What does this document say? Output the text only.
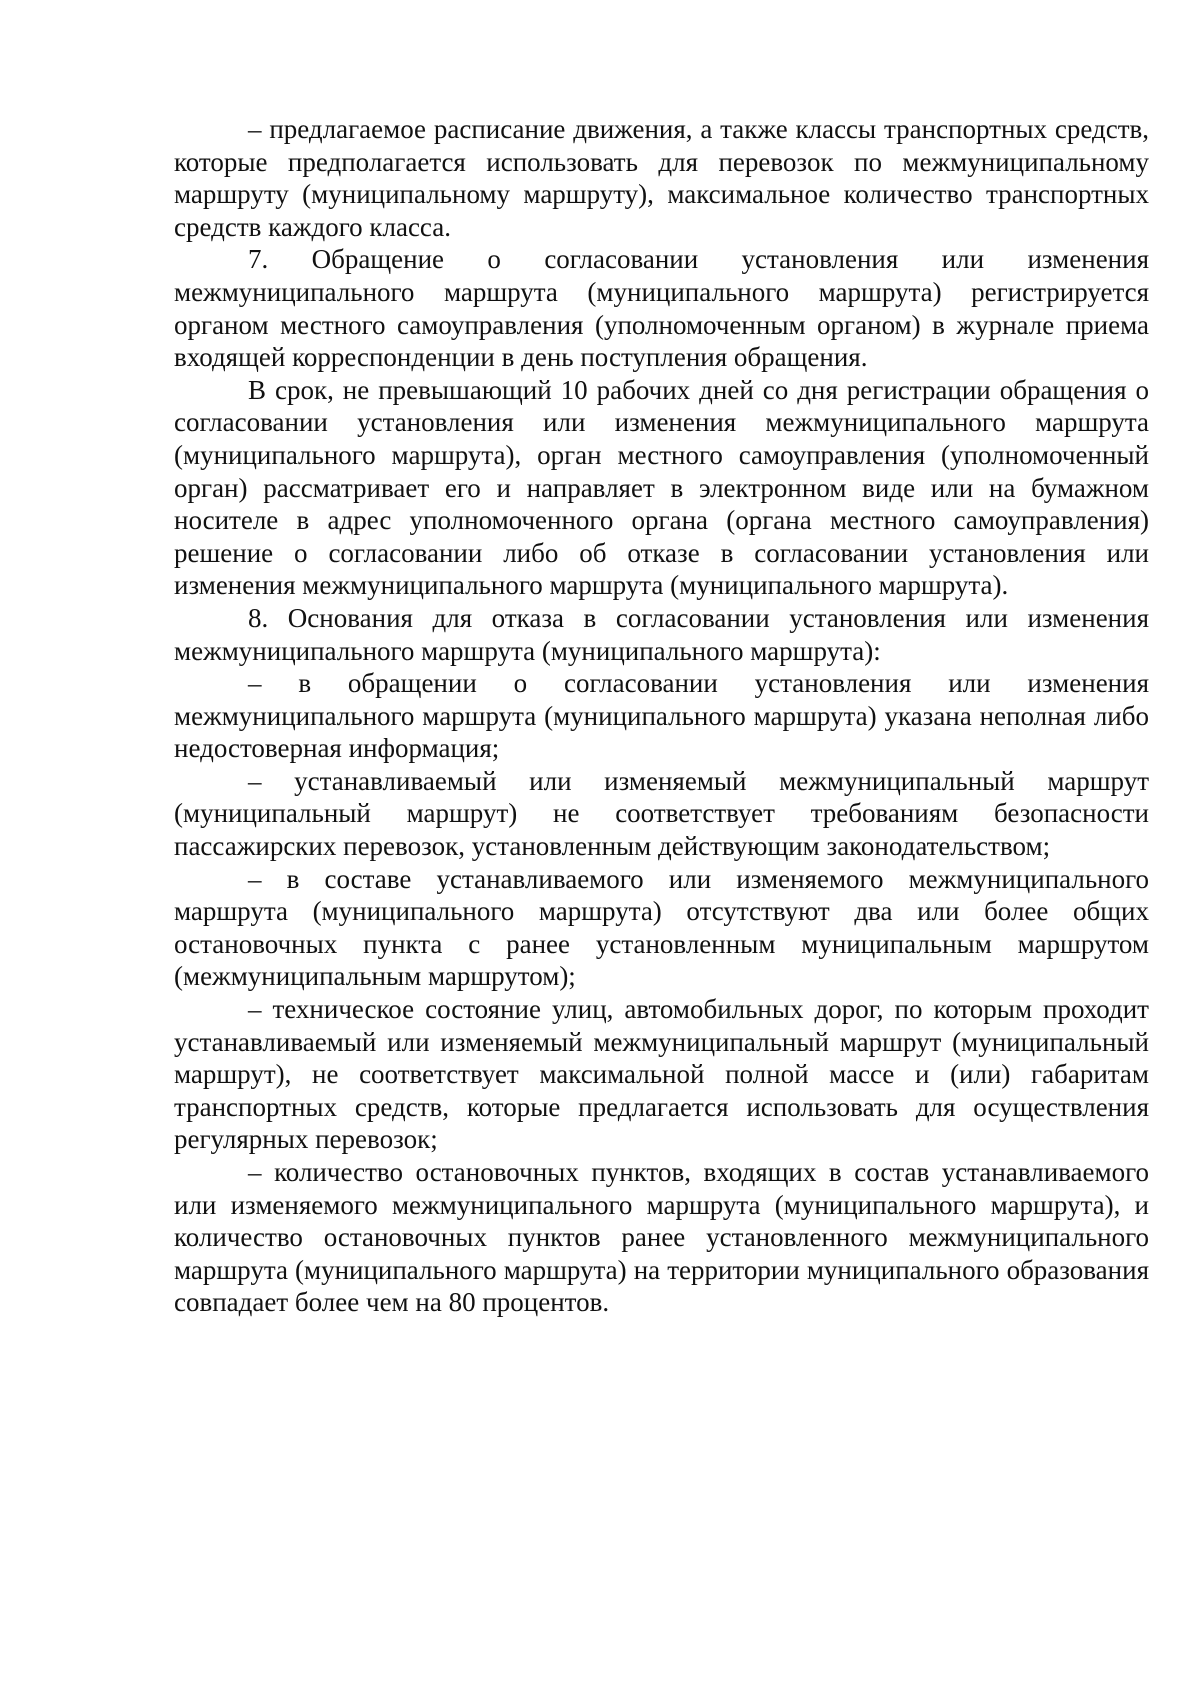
– предлагаемое расписание движения, а также классы транспортных средств, которые предполагается использовать для перевозок по межмуниципальному маршруту (муниципальному маршруту), максимальное количество транспортных средств каждого класса.

7. Обращение о согласовании установления или изменения межмуниципального маршрута (муниципального маршрута) регистрируется органом местного самоуправления (уполномоченным органом) в журнале приема входящей корреспонденции в день поступления обращения.

В срок, не превышающий 10 рабочих дней со дня регистрации обращения о согласовании установления или изменения межмуниципального маршрута (муниципального маршрута), орган местного самоуправления (уполномоченный орган) рассматривает его и направляет в электронном виде или на бумажном носителе в адрес уполномоченного органа (органа местного самоуправления) решение о согласовании либо об отказе в согласовании установления или изменения межмуниципального маршрута (муниципального маршрута).

8. Основания для отказа в согласовании установления или изменения межмуниципального маршрута (муниципального маршрута):

– в обращении о согласовании установления или изменения межмуниципального маршрута (муниципального маршрута) указана неполная либо недостоверная информация;

– устанавливаемый или изменяемый межмуниципальный маршрут (муниципальный маршрут) не соответствует требованиям безопасности пассажирских перевозок, установленным действующим законодательством;

– в составе устанавливаемого или изменяемого межмуниципального маршрута (муниципального маршрута) отсутствуют два или более общих остановочных пункта с ранее установленным муниципальным маршрутом (межмуниципальным маршрутом);

– техническое состояние улиц, автомобильных дорог, по которым проходит устанавливаемый или изменяемый межмуниципальный маршрут (муниципальный маршрут), не соответствует максимальной полной массе и (или) габаритам транспортных средств, которые предлагается использовать для осуществления регулярных перевозок;

– количество остановочных пунктов, входящих в состав устанавливаемого или изменяемого межмуниципального маршрута (муниципального маршрута), и количество остановочных пунктов ранее установленного межмуниципального маршрута (муниципального маршрута) на территории муниципального образования совпадает более чем на 80 процентов.
